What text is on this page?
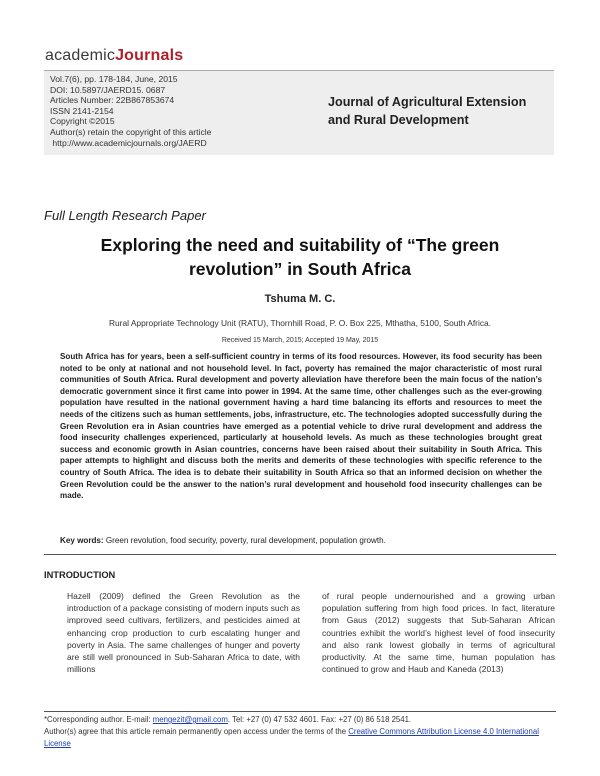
academicJournals
Vol.7(6), pp. 178-184, June, 2015
DOI: 10.5897/JAERD15. 0687
Articles Number: 22B867853674
ISSN 2141-2154
Copyright ©2015
Author(s) retain the copyright of this article
http://www.academicjournals.org/JAERD
Journal of Agricultural Extension and Rural Development
Full Length Research Paper
Exploring the need and suitability of “The green revolution” in South Africa
Tshuma M. C.
Rural Appropriate Technology Unit (RATU), Thornhill Road, P. O. Box 225, Mthatha, 5100, South Africa.
Received 15 March, 2015; Accepted 19 May, 2015
South Africa has for years, been a self-sufficient country in terms of its food resources. However, its food security has been noted to be only at national and not household level. In fact, poverty has remained the major characteristic of most rural communities of South Africa. Rural development and poverty alleviation have therefore been the main focus of the nation’s democratic government since it first came into power in 1994. At the same time, other challenges such as the ever-growing population have resulted in the national government having a hard time balancing its efforts and resources to meet the needs of the citizens such as human settlements, jobs, infrastructure, etc. The technologies adopted successfully during the Green Revolution era in Asian countries have emerged as a potential vehicle to drive rural development and address the food insecurity challenges experienced, particularly at household levels. As much as these technologies brought great success and economic growth in Asian countries, concerns have been raised about their suitability in South Africa. This paper attempts to highlight and discuss both the merits and demerits of these technologies with specific reference to the country of South Africa. The idea is to debate their suitability in South Africa so that an informed decision on whether the Green Revolution could be the answer to the nation’s rural development and household food insecurity challenges can be made.
Key words: Green revolution, food security, poverty, rural development, population growth.
INTRODUCTION
Hazell (2009) defined the Green Revolution as the introduction of a package consisting of modern inputs such as improved seed cultivars, fertilizers, and pesticides aimed at enhancing crop production to curb escalating hunger and poverty in Asia. The same challenges of hunger and poverty are still well pronounced in Sub-Saharan Africa to date, with millions
of rural people undernourished and a growing urban population suffering from high food prices. In fact, literature from Gaus (2012) suggests that Sub-Saharan African countries exhibit the world’s highest level of food insecurity and also rank lowest globally in terms of agricultural productivity. At the same time, human population has continued to grow and Haub and Kaneda (2013)
*Corresponding author. E-mail: mengezit@gmail.com. Tel: +27 (0) 47 532 4601. Fax: +27 (0) 86 518 2541.
Author(s) agree that this article remain permanently open access under the terms of the Creative Commons Attribution License 4.0 International License
